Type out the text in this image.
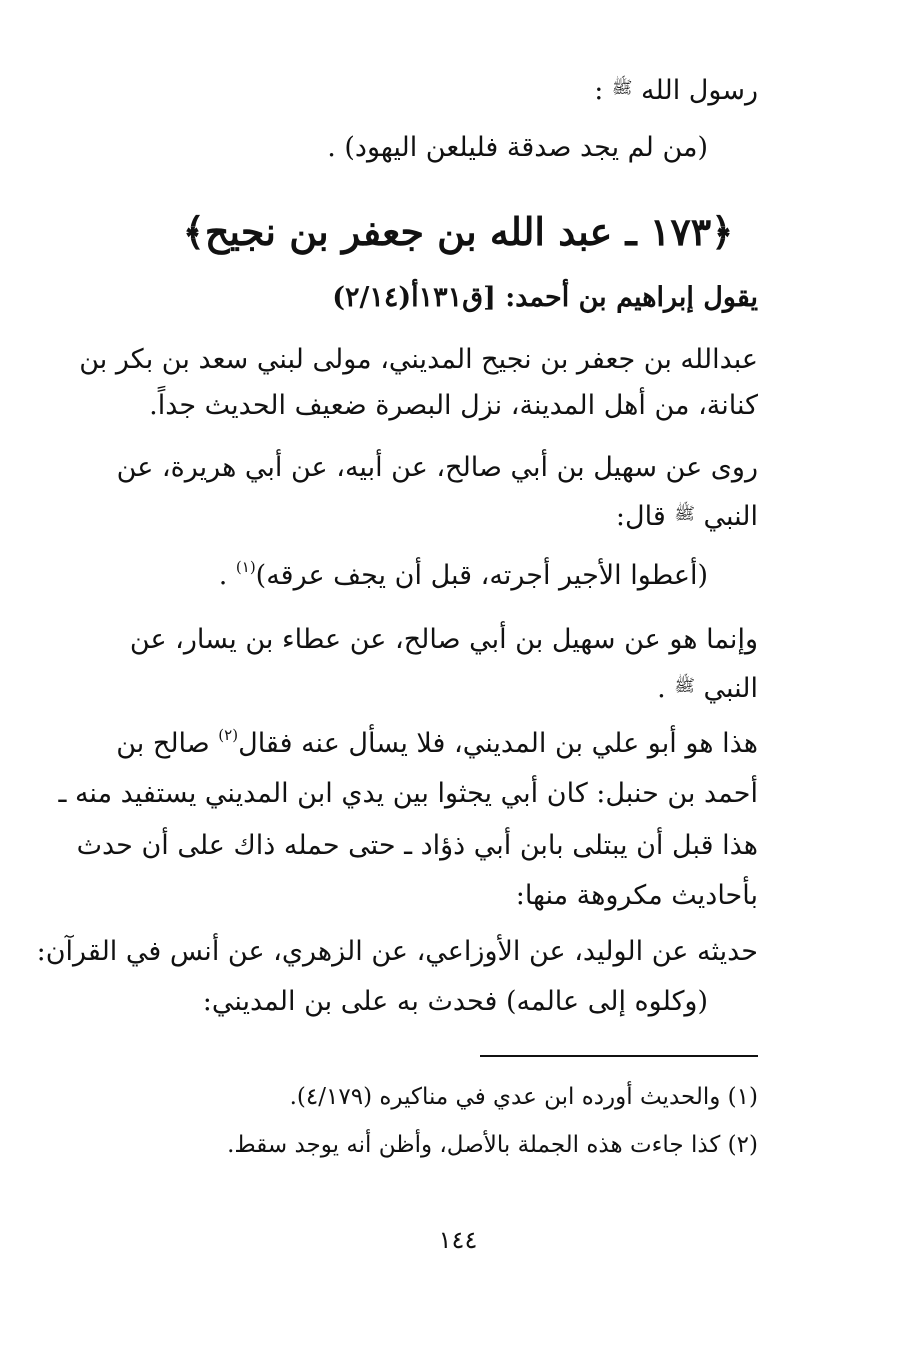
رسول الله $^ﷺ$ :
(من لم يجد صدقة فليلعن اليهود) .
﴿١٧٣ ـ عبد الله بن جعفر بن نجيح﴾
يقول إبراهيم بن أحمد: [ق١٣١أ(٢/١٤)
عبدالله بن جعفر بن نجيح المديني، مولى لبني سعد بن بكر بن
كنانة، من أهل المدينة، نزل البصرة ضعيف الحديث جداً.
روى عن سهيل بن أبي صالح، عن أبيه، عن أبي هريرة، عن
النبي $^ﷺ$ قال:
(أعطوا الأجير أجرته، قبل أن يجف عرقه)$^{(١)}$ .
وإنما هو عن سهيل بن أبي صالح، عن عطاء بن يسار، عن
النبي $^ﷺ$ .
هذا هو أبو علي بن المديني، فلا يسأل عنه فقال$^{(٢)}$ صالح بن
أحمد بن حنبل: كان أبي يجثوا بين يدي ابن المديني يستفيد منه ـ
هذا قبل أن يبتلى بابن أبي ذؤاد ـ حتى حمله ذاك على أن حدث
بأحاديث مكروهة منها:
حديثه عن الوليد، عن الأوزاعي، عن الزهري، عن أنس في القرآن:
(وكلوه إلى عالمه) فحدث به على بن المديني:
(١) والحديث أورده ابن عدي في مناكيره (٤/١٧٩).
(٢) كذا جاءت هذه الجملة بالأصل، وأظن أنه يوجد سقط.
١٤٤
